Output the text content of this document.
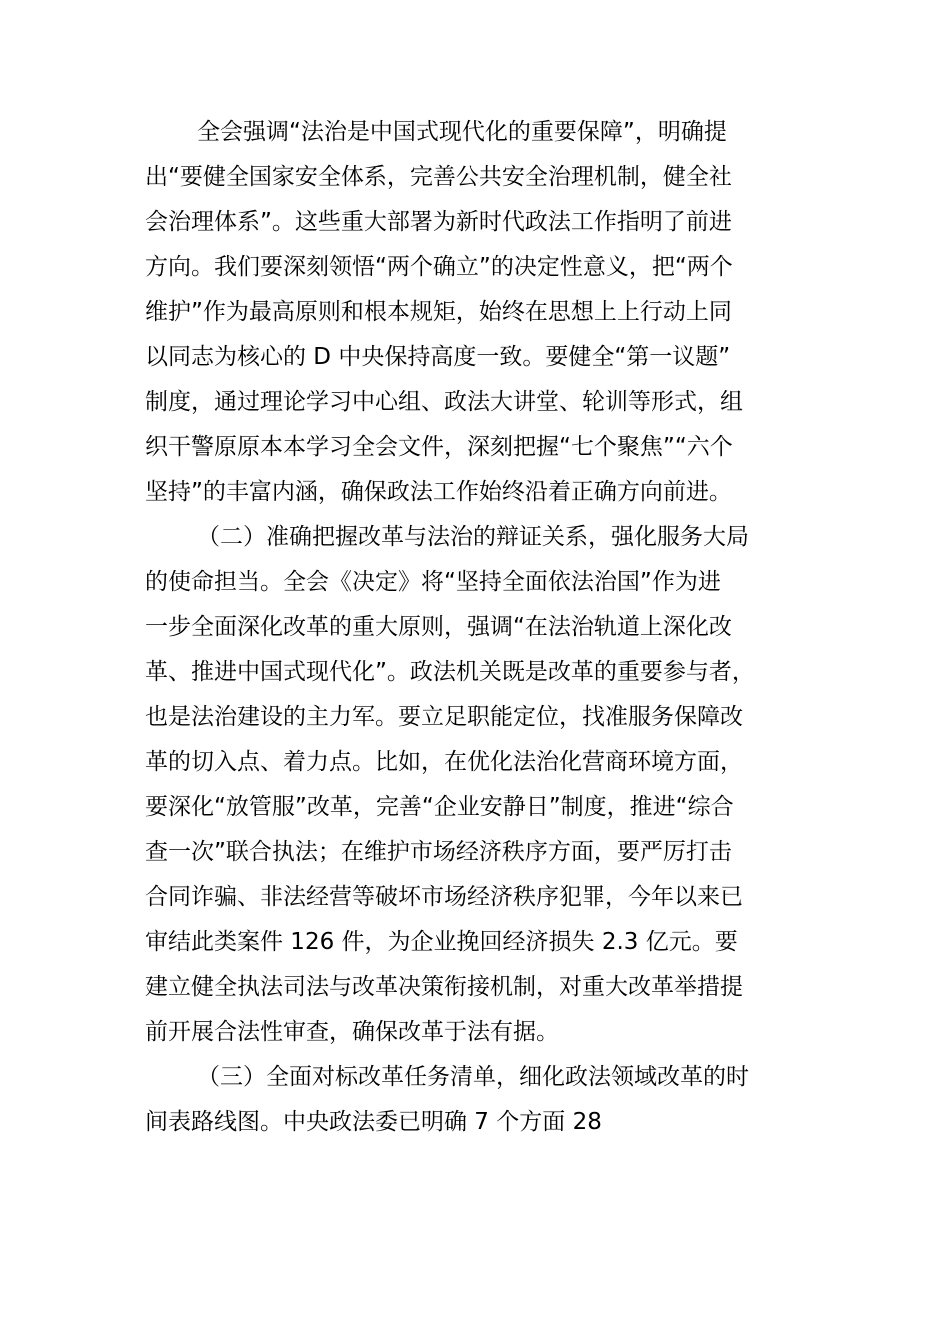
全会强调“法治是中国式现代化的重要保障”，明确提
出“要健全国家安全体系，完善公共安全治理机制，健全社
会治理体系”。这些重大部署为新时代政法工作指明了前进
方向。我们要深刻领悟“两个确立”的决定性意义，把“两个
维护”作为最高原则和根本规矩，始终在思想上上行动上同
以同志为核心的 D 中央保持高度一致。要健全“第一议题”
制度，通过理论学习中心组、政法大讲堂、轮训等形式，组
织干警原原本本学习全会文件，深刻把握“七个聚焦”“六个
坚持”的丰富内涵，确保政法工作始终沿着正确方向前进。
（二）准确把握改革与法治的辩证关系，强化服务大局
的使命担当。全会《决定》将“坚持全面依法治国”作为进
一步全面深化改革的重大原则，强调“在法治轨道上深化改
革、推进中国式现代化”。政法机关既是改革的重要参与者，
也是法治建设的主力军。要立足职能定位，找准服务保障改
革的切入点、着力点。比如，在优化法治化营商环境方面，
要深化“放管服”改革，完善“企业安静日”制度，推进“综合
查一次”联合执法；在维护市场经济秩序方面，要严厉打击
合同诈骗、非法经营等破坏市场经济秩序犯罪，今年以来已
审结此类案件 126 件，为企业挽回经济损失 2.3 亿元。要
建立健全执法司法与改革决策衔接机制，对重大改革举措提
前开展合法性审查，确保改革于法有据。
（三）全面对标改革任务清单，细化政法领域改革的时
间表路线图。中央政法委已明确 7 个方面 28
